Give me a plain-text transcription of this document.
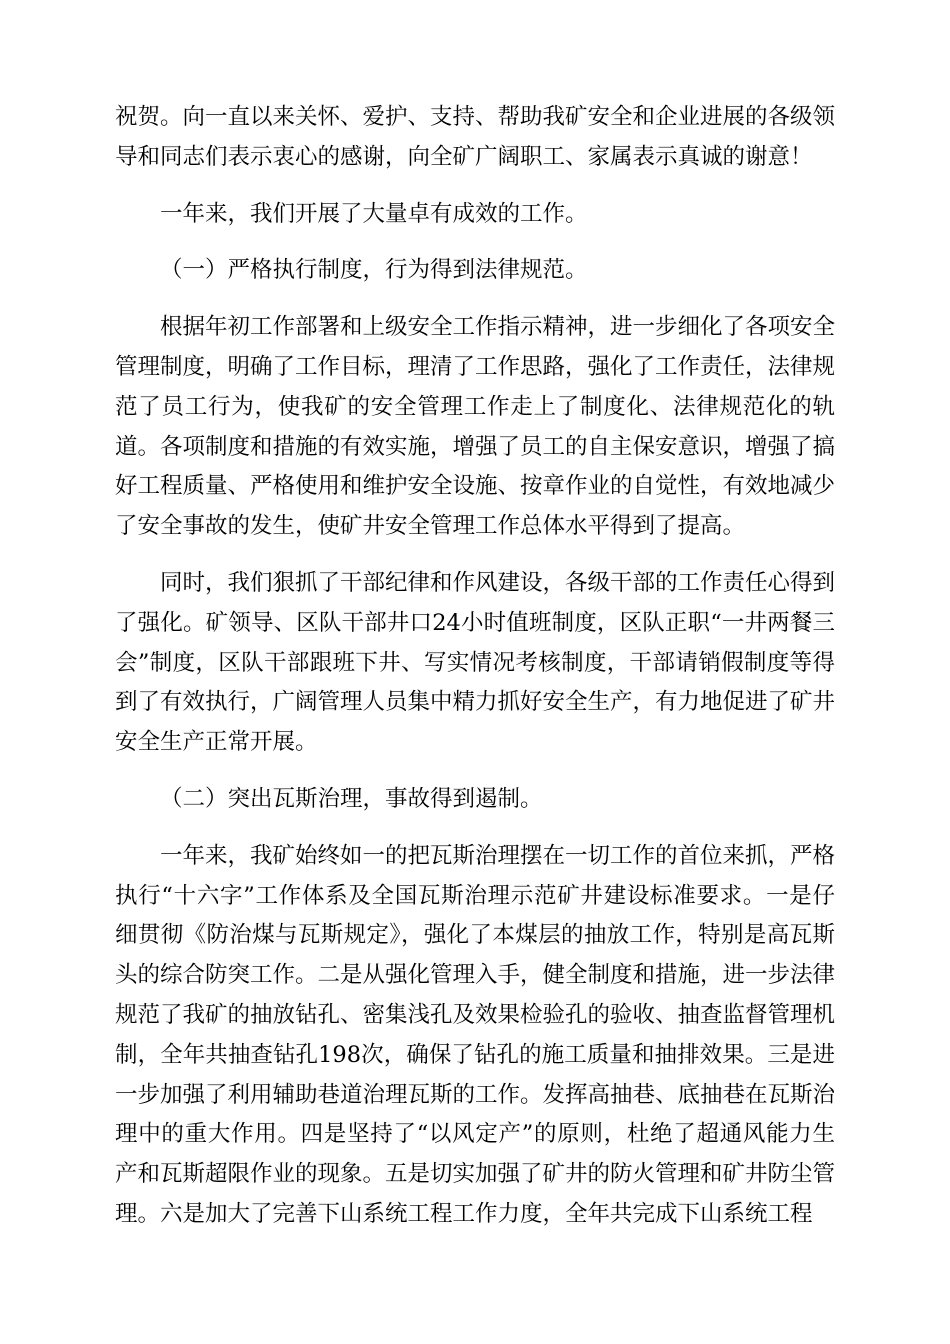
祝贺。向一直以来关怀、爱护、支持、帮助我矿安全和企业进展的各级领导和同志们表示衷心的感谢，向全矿广阔职工、家属表示真诚的谢意！

一年来，我们开展了大量卓有成效的工作。

（一）严格执行制度，行为得到法律规范。

根据年初工作部署和上级安全工作指示精神，进一步细化了各项安全管理制度，明确了工作目标，理清了工作思路，强化了工作责任，法律规范了员工行为，使我矿的安全管理工作走上了制度化、法律规范化的轨道。各项制度和措施的有效实施，增强了员工的自主保安意识，增强了搞好工程质量、严格使用和维护安全设施、按章作业的自觉性，有效地减少了安全事故的发生，使矿井安全管理工作总体水平得到了提高。

同时，我们狠抓了干部纪律和作风建设，各级干部的工作责任心得到了强化。矿领导、区队干部井口24小时值班制度，区队正职“一井两餐三会”制度，区队干部跟班下井、写实情况考核制度，干部请销假制度等得到了有效执行，广阔管理人员集中精力抓好安全生产，有力地促进了矿井安全生产正常开展。

（二）突出瓦斯治理，事故得到遏制。

一年来，我矿始终如一的把瓦斯治理摆在一切工作的首位来抓，严格执行“十六字”工作体系及全国瓦斯治理示范矿井建设标准要求。一是仔细贯彻《防治煤与瓦斯规定》，强化了本煤层的抽放工作，特别是高瓦斯头的综合防突工作。二是从强化管理入手，健全制度和措施，进一步法律规范了我矿的抽放钻孔、密集浅孔及效果检验孔的验收、抽查监督管理机制，全年共抽查钻孔198次，确保了钻孔的施工质量和抽排效果。三是进一步加强了利用辅助巷道治理瓦斯的工作。发挥高抽巷、底抽巷在瓦斯治理中的重大作用。四是坚持了“以风定产”的原则，杜绝了超通风能力生产和瓦斯超限作业的现象。五是切实加强了矿井的防火管理和矿井防尘管理。六是加大了完善下山系统工程工作力度，全年共完成下山系统工程
